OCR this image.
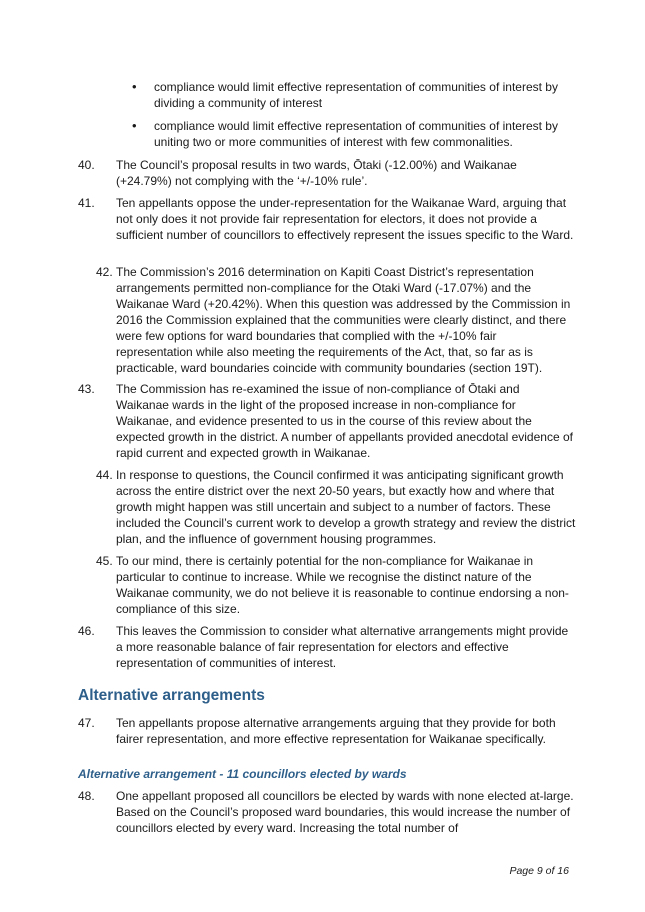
• compliance would limit effective representation of communities of interest by dividing a community of interest
• compliance would limit effective representation of communities of interest by uniting two or more communities of interest with few commonalities.
40.	The Council’s proposal results in two wards, Ōtaki (-12.00%) and Waikanae (+24.79%) not complying with the ‘+/-10% rule’.
41.	Ten appellants oppose the under-representation for the Waikanae Ward, arguing that not only does it not provide fair representation for electors, it does not provide a sufficient number of councillors to effectively represent the issues specific to the Ward.
42. The Commission’s 2016 determination on Kapiti Coast District’s representation arrangements permitted non-compliance for the Otaki Ward (-17.07%) and the Waikanae Ward (+20.42%). When this question was addressed by the Commission in 2016 the Commission explained that the communities were clearly distinct, and there were few options for ward boundaries that complied with the +/-10% fair representation while also meeting the requirements of the Act, that, so far as is practicable, ward boundaries coincide with community boundaries (section 19T).
43.	The Commission has re-examined the issue of non-compliance of Ōtaki and Waikanae wards in the light of the proposed increase in non-compliance for Waikanae, and evidence presented to us in the course of this review about the expected growth in the district. A number of appellants provided anecdotal evidence of rapid current and expected growth in Waikanae.
44. In response to questions, the Council confirmed it was anticipating significant growth across the entire district over the next 20-50 years, but exactly how and where that growth might happen was still uncertain and subject to a number of factors. These included the Council’s current work to develop a growth strategy and review the district plan, and the influence of government housing programmes.
45. To our mind, there is certainly potential for the non-compliance for Waikanae in particular to continue to increase. While we recognise the distinct nature of the Waikanae community, we do not believe it is reasonable to continue endorsing a non-compliance of this size.
46.	This leaves the Commission to consider what alternative arrangements might provide a more reasonable balance of fair representation for electors and effective representation of communities of interest.
Alternative arrangements
47.	Ten appellants propose alternative arrangements arguing that they provide for both fairer representation, and more effective representation for Waikanae specifically.
Alternative arrangement - 11 councillors elected by wards
48.	One appellant proposed all councillors be elected by wards with none elected at-large. Based on the Council’s proposed ward boundaries, this would increase the number of councillors elected by every ward. Increasing the total number of
Page 9 of 16
